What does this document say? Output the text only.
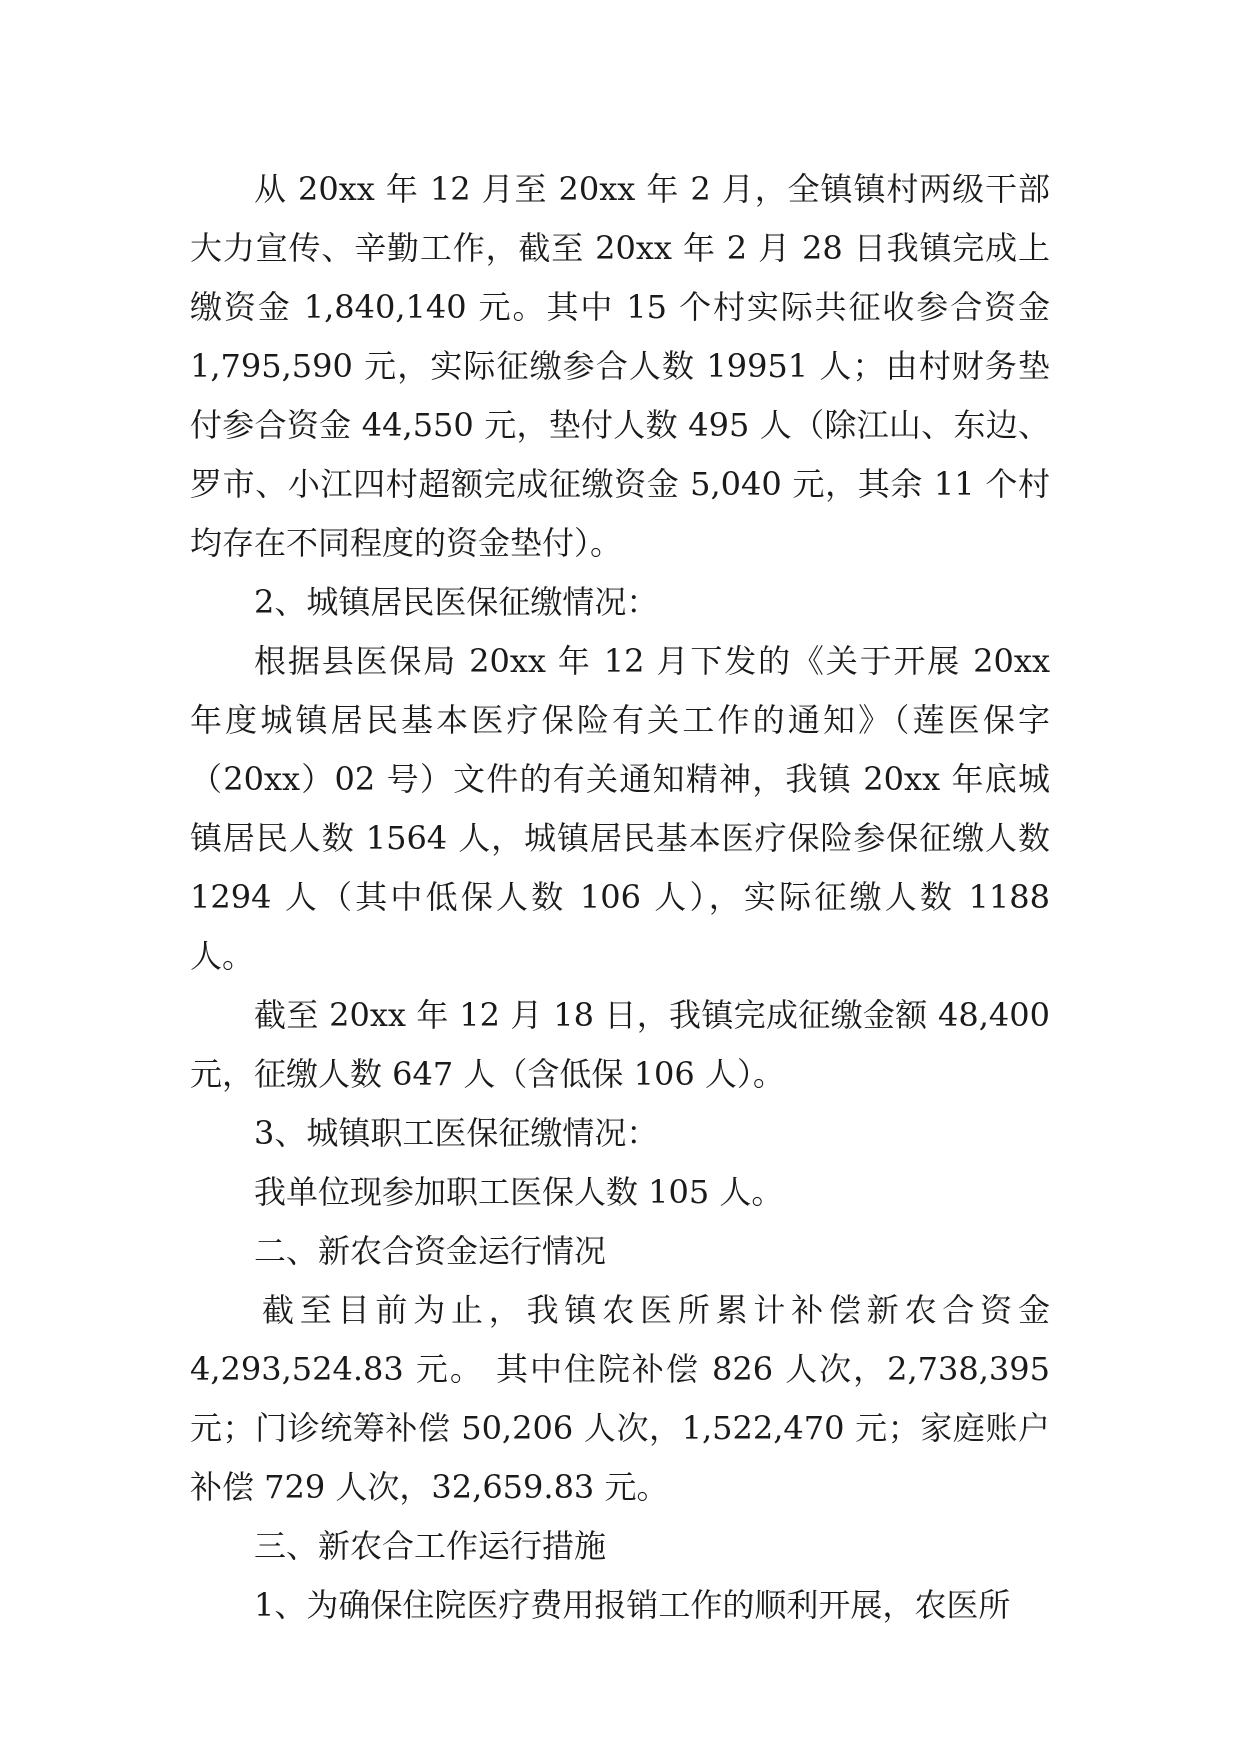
从 20xx 年 12 月至 20xx 年 2 月，全镇镇村两级干部大力宣传、辛勤工作，截至 20xx 年 2 月 28 日我镇完成上缴资金 1,840,140 元。其中 15 个村实际共征收参合资金 1,795,590 元，实际征缴参合人数 19951 人；由村财务垫付参合资金 44,550 元，垫付人数 495 人（除江山、东边、罗市、小江四村超额完成征缴资金 5,040 元，其余 11 个村均存在不同程度的资金垫付）。

2、城镇居民医保征缴情况：

根据县医保局 20xx 年 12 月下发的《关于开展 20xx 年度城镇居民基本医疗保险有关工作的通知》（莲医保字（20xx）02 号）文件的有关通知精神，我镇 20xx 年底城镇居民人数 1564 人，城镇居民基本医疗保险参保征缴人数 1294 人（其中低保人数 106 人），实际征缴人数 1188 人。

截至 20xx 年 12 月 18 日，我镇完成征缴金额 48,400 元，征缴人数 647 人（含低保 106 人）。

3、城镇职工医保征缴情况：

我单位现参加职工医保人数 105 人。

二、新农合资金运行情况

截至目前为止，我镇农医所累计补偿新农合资金 4,293,524.83 元。 其中住院补偿 826 人次，2,738,395 元；门诊统筹补偿 50,206 人次，1,522,470 元；家庭账户补偿 729 人次，32,659.83 元。

三、新农合工作运行措施

1、为确保住院医疗费用报销工作的顺利开展，农医所
